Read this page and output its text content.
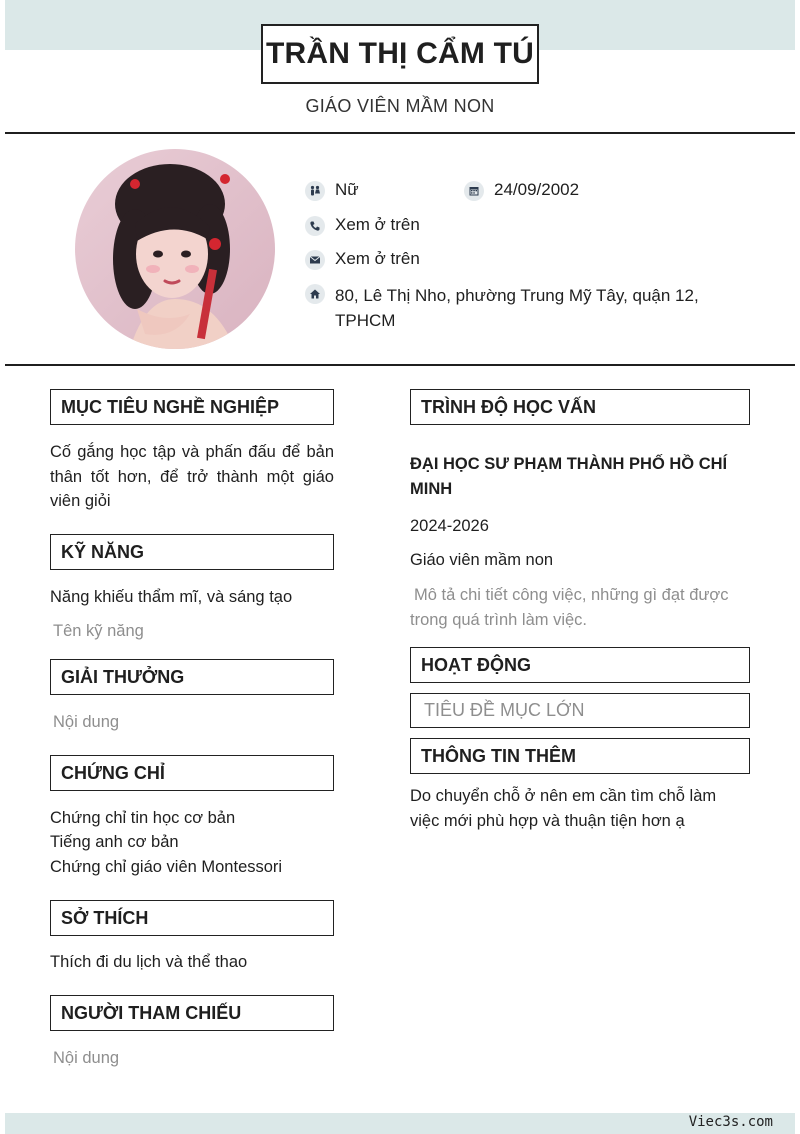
TRẦN THỊ CẨM TÚ
GIÁO VIÊN MẦM NON
Nữ	24/09/2002
Xem ở trên
Xem ở trên
80, Lê Thị Nho, phường Trung Mỹ Tây, quận 12, TPHCM
MỤC TIÊU NGHỀ NGHIỆP
Cố gắng học tập và phấn đấu để bản thân tốt hơn, để trở thành một giáo viên giỏi
KỸ NĂNG
Năng khiếu thẩm mĩ, và sáng tạo
Tên kỹ năng
GIẢI THƯỞNG
Nội dung
CHỨNG CHỈ
Chứng chỉ tin học cơ bản
Tiếng anh cơ bản
Chứng chỉ giáo viên Montessori
SỞ THÍCH
Thích đi du lịch và thể thao
NGƯỜI THAM CHIẾU
Nội dung
TRÌNH ĐỘ HỌC VẤN
ĐẠI HỌC SƯ PHẠM THÀNH PHỐ HỒ CHÍ MINH
2024-2026
Giáo viên mầm non
Mô tả chi tiết công việc, những gì đạt được trong quá trình làm việc.
HOẠT ĐỘNG
TIÊU ĐỀ MỤC LỚN
THÔNG TIN THÊM
Do chuyển chỗ ở nên em cần tìm chỗ làm việc mới phù hợp và thuận tiện hơn ạ
Viec3s.com
